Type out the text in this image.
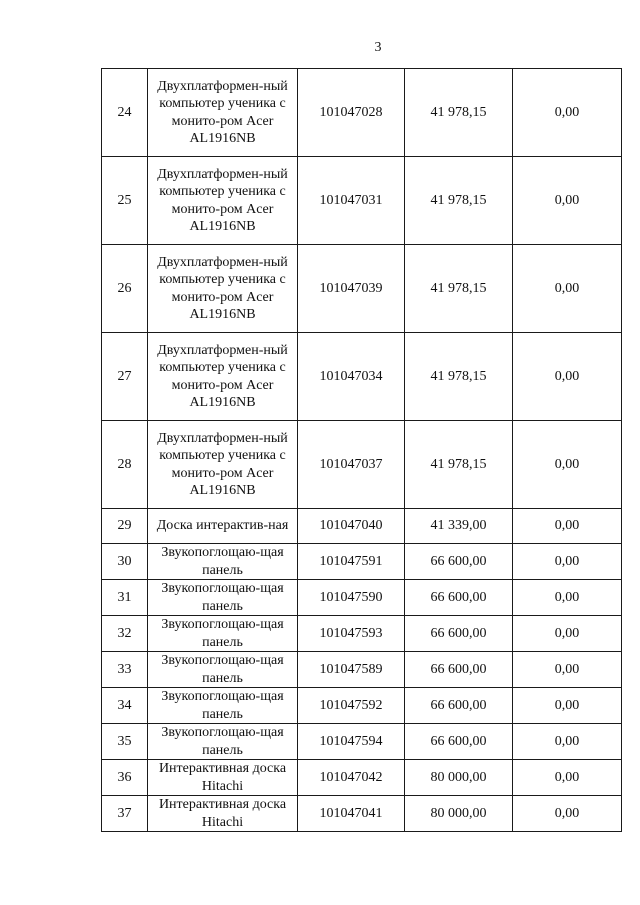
3
24	Двухплатформен-ный компьютер ученика с монито-ром Acer AL1916NB	101047028	41 978,15	0,00
25	Двухплатформен-ный компьютер ученика с монито-ром Acer AL1916NB	101047031	41 978,15	0,00
26	Двухплатформен-ный компьютер ученика с монито-ром Acer AL1916NB	101047039	41 978,15	0,00
27	Двухплатформен-ный компьютер ученика с монито-ром Acer AL1916NB	101047034	41 978,15	0,00
28	Двухплатформен-ный компьютер ученика с монито-ром Acer AL1916NB	101047037	41 978,15	0,00
29	Доска интерактив-ная	101047040	41 339,00	0,00
30	Звукопоглощаю-щая панель	101047591	66 600,00	0,00
31	Звукопоглощаю-щая панель	101047590	66 600,00	0,00
32	Звукопоглощаю-щая панель	101047593	66 600,00	0,00
33	Звукопоглощаю-щая панель	101047589	66 600,00	0,00
34	Звукопоглощаю-щая панель	101047592	66 600,00	0,00
35	Звукопоглощаю-щая панель	101047594	66 600,00	0,00
36	Интерактивная доска Hitachi	101047042	80 000,00	0,00
37	Интерактивная доска Hitachi	101047041	80 000,00	0,00
